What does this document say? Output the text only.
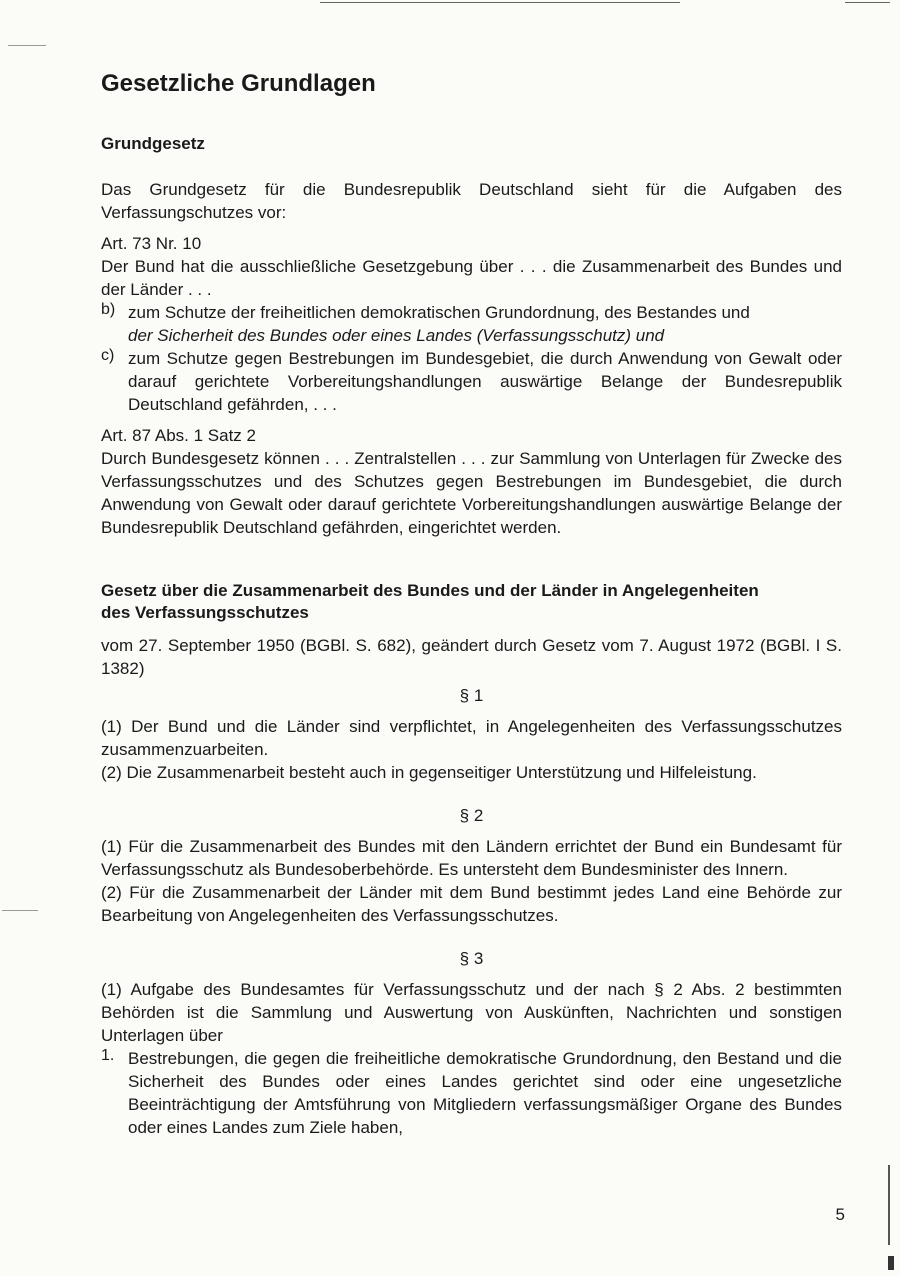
Gesetzliche Grundlagen
Grundgesetz

Das Grundgesetz für die Bundesrepublik Deutschland sieht für die Aufgaben des Verfassungschutzes vor:

Art. 73 Nr. 10

Der Bund hat die ausschließliche Gesetzgebung über . . . die Zusammenarbeit des Bundes und der Länder . . .

b) zum Schutze der freiheitlichen demokratischen Grundordnung, des Bestandes und
der Sicherheit des Bundes oder eines Landes (Verfassungsschutz) und
c) zum Schutze gegen Bestrebungen im Bundesgebiet, die durch Anwendung von Gewalt oder darauf gerichtete Vorbereitungshandlungen auswärtige Belange der Bundesrepublik Deutschland gefährden, . . .

Art. 87 Abs. 1 Satz 2

Durch Bundesgesetz können . . . Zentralstellen . . . zur Sammlung von Unterlagen für Zwecke des Verfassungsschutzes und des Schutzes gegen Bestrebungen im Bundesgebiet, die durch Anwendung von Gewalt oder darauf gerichtete Vorbereitungshandlungen auswärtige Belange der Bundesrepublik Deutschland gefährden, eingerichtet werden.

Gesetz über die Zusammenarbeit des Bundes und der Länder in Angelegenheiten
des Verfassungsschutzes

vom 27. September 1950 (BGBl. S. 682), geändert durch Gesetz vom 7. August 1972 (BGBl. I S. 1382)

§ 1

(1) Der Bund und die Länder sind verpflichtet, in Angelegenheiten des Verfassungsschutzes zusammenzuarbeiten.

(2) Die Zusammenarbeit besteht auch in gegenseitiger Unterstützung und Hilfeleistung.

§ 2

(1) Für die Zusammenarbeit des Bundes mit den Ländern errichtet der Bund ein Bundesamt für Verfassungsschutz als Bundesoberbehörde. Es untersteht dem Bundesminister des Innern.

(2) Für die Zusammenarbeit der Länder mit dem Bund bestimmt jedes Land eine Behörde zur Bearbeitung von Angelegenheiten des Verfassungsschutzes.

§ 3

(1) Aufgabe des Bundesamtes für Verfassungsschutz und der nach § 2 Abs. 2 bestimmten Behörden ist die Sammlung und Auswertung von Auskünften, Nachrichten und sonstigen Unterlagen über

1. Bestrebungen, die gegen die freiheitliche demokratische Grundordnung, den Bestand und die Sicherheit des Bundes oder eines Landes gerichtet sind oder eine ungesetzliche Beeinträchtigung der Amtsführung von Mitgliedern verfassungsmäßiger Organe des Bundes oder eines Landes zum Ziele haben,
5
